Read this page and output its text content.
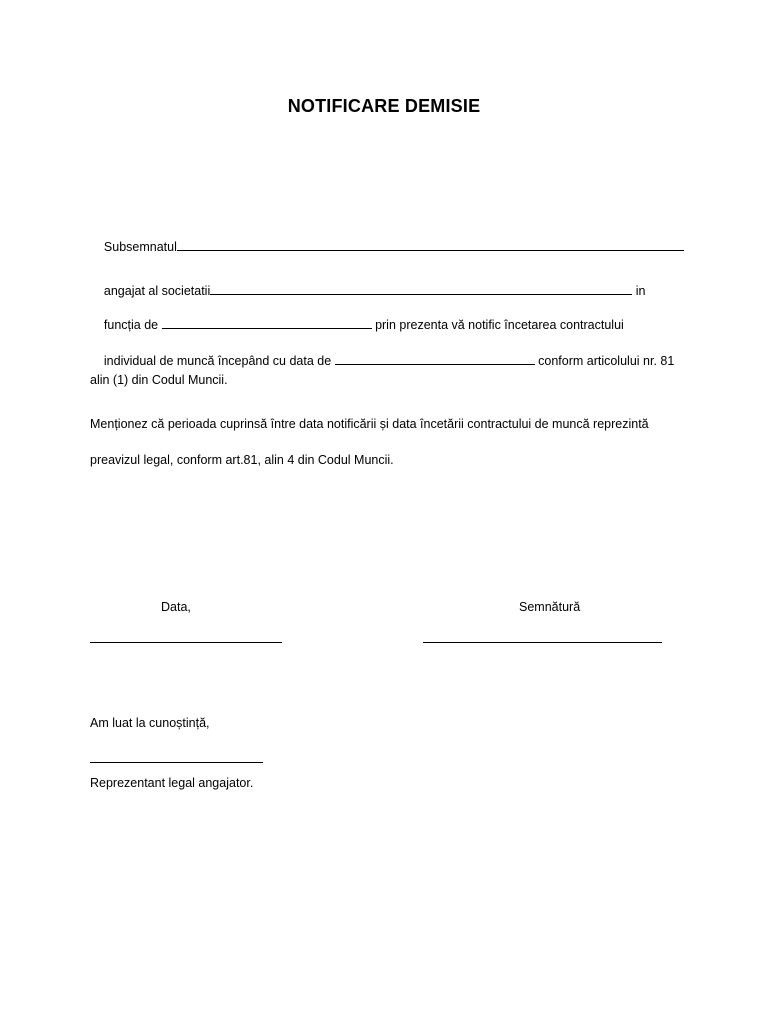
NOTIFICARE DEMISIE

Subsemnatul

angajat al societatii	in

funcția de	prin prezenta vă notific încetarea contractului

individual de muncă începând cu data de	conform articolului nr. 81

alin (1) din Codul Muncii.
Menționez că perioada cuprinsă între data notificării și data încetării contractului de muncă reprezintă
preavizul legal, conform art.81, alin 4 din Codul Muncii.
Data,	Semnătură
Am luat la cunoștință,
Reprezentant legal angajator.
